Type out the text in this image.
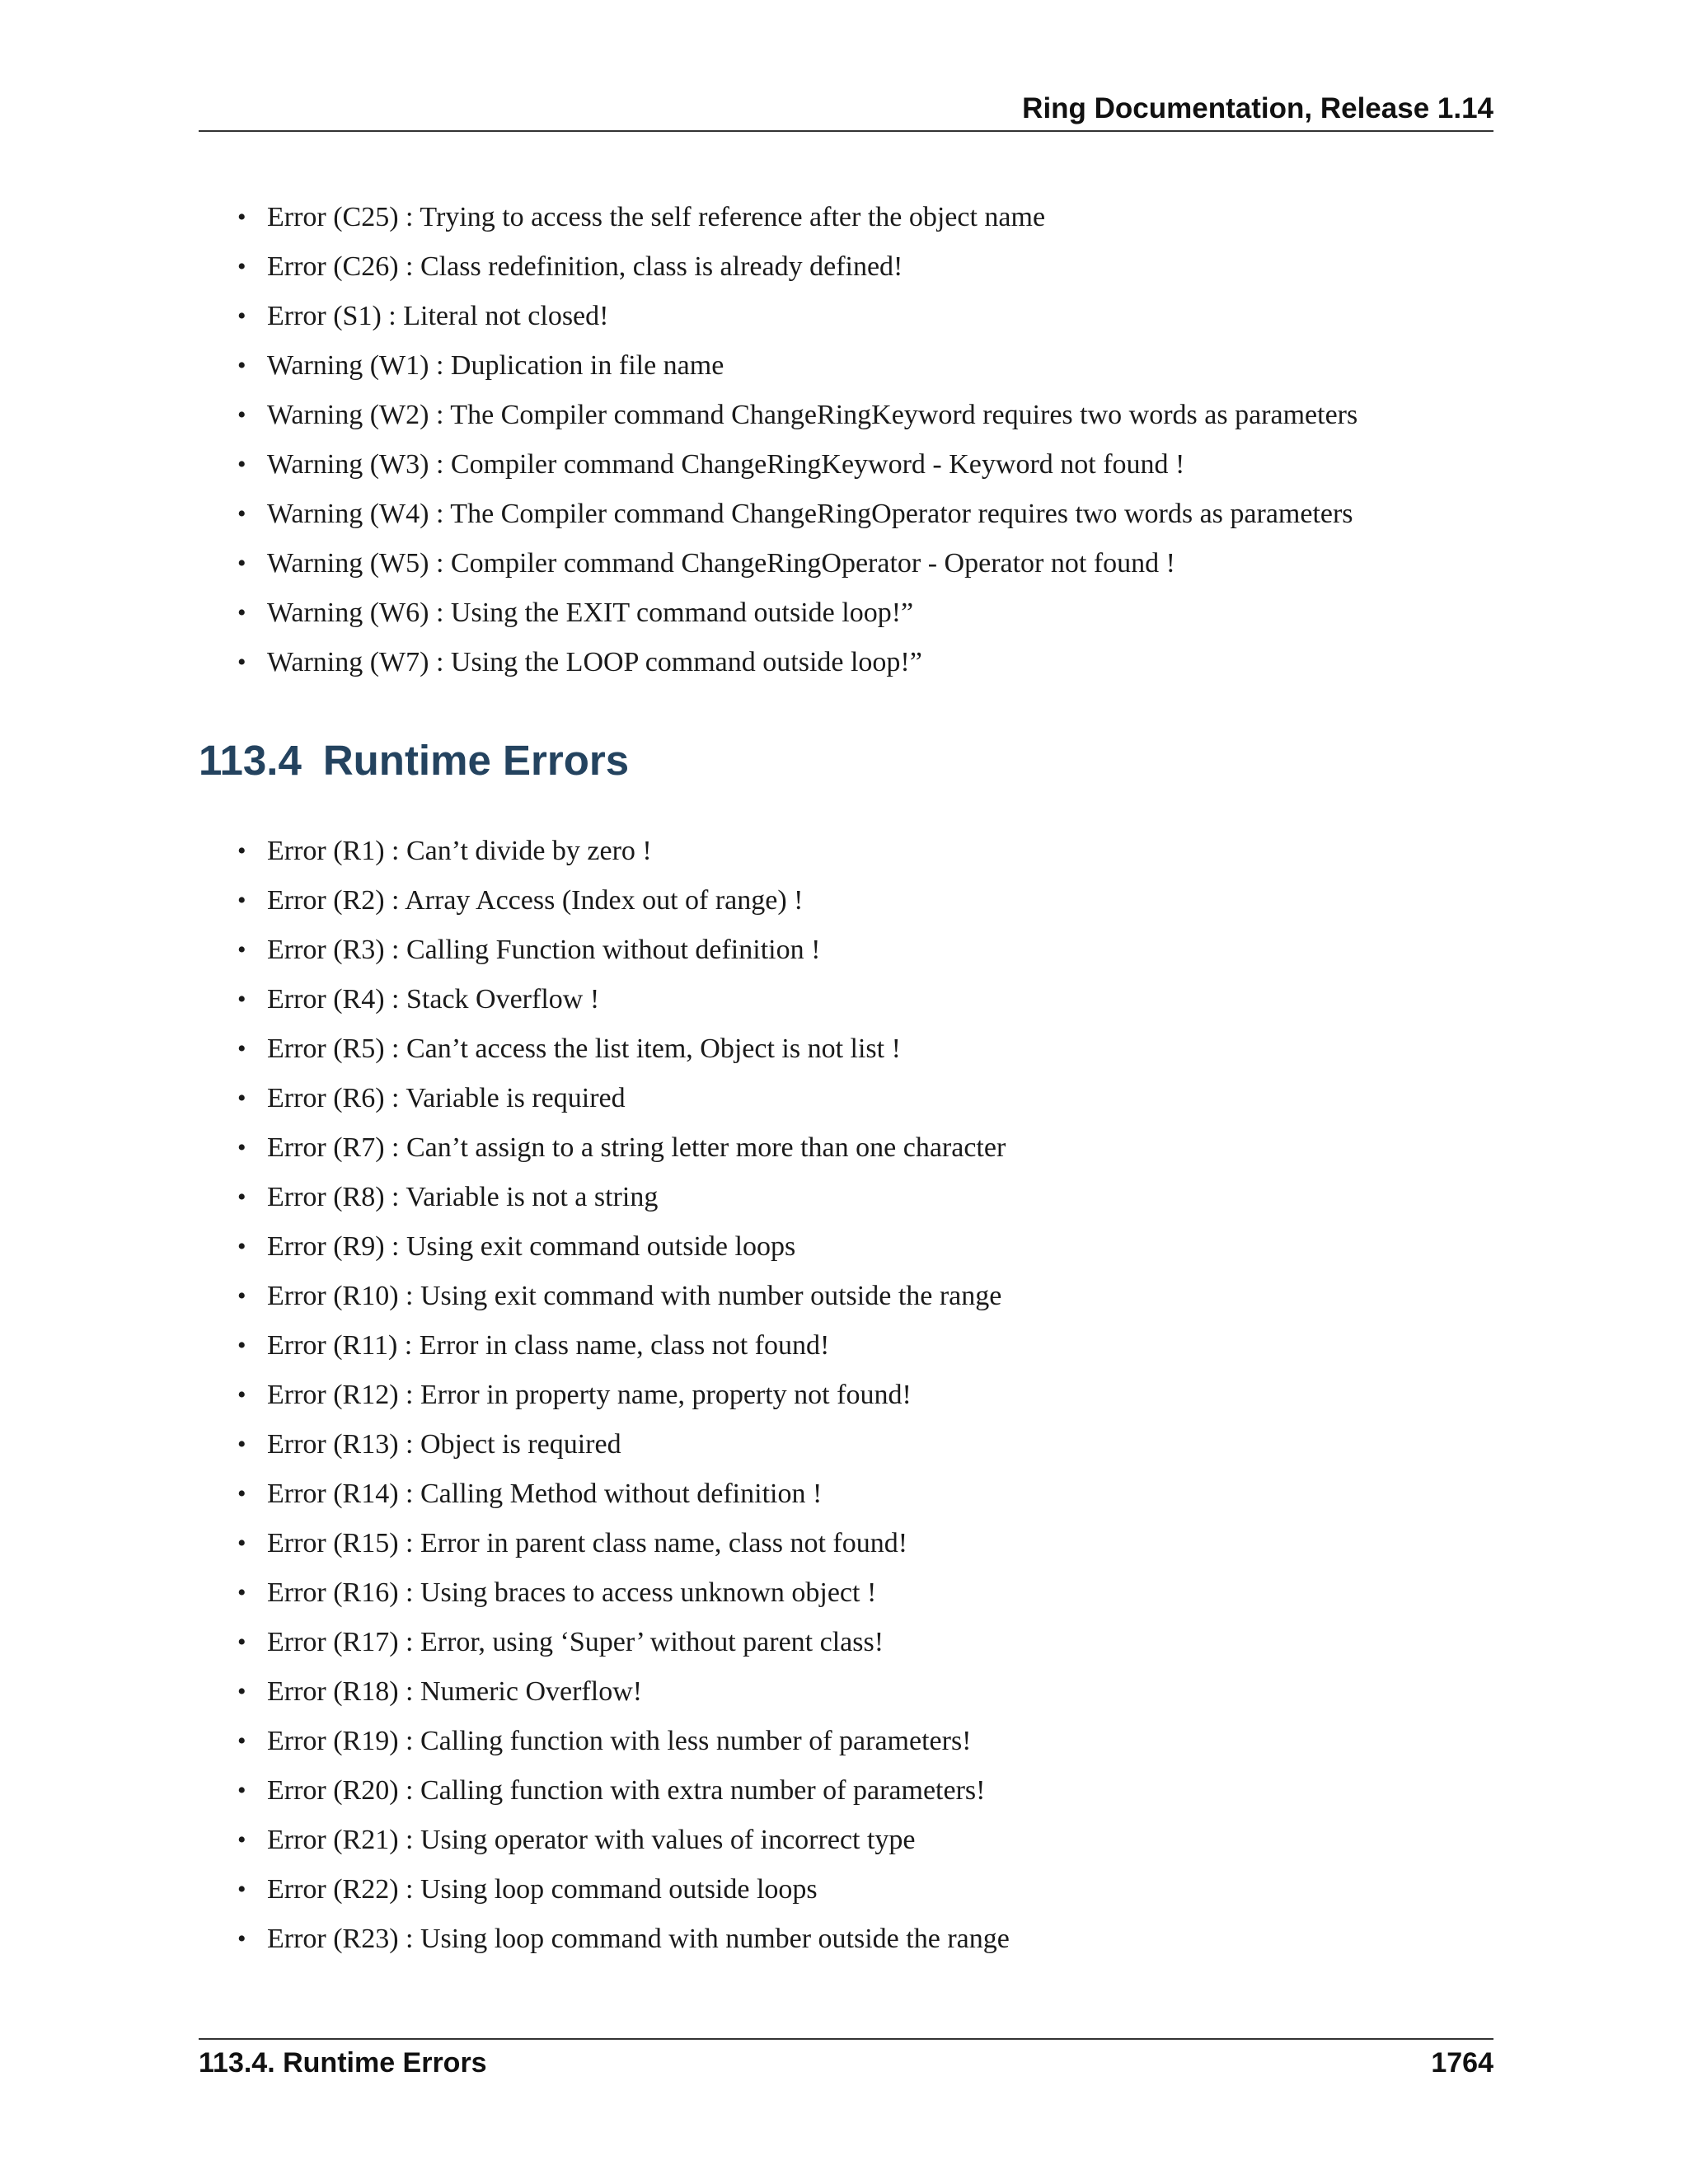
Ring Documentation, Release 1.14
• Error (C25) : Trying to access the self reference after the object name
• Error (C26) : Class redefinition, class is already defined!
• Error (S1) : Literal not closed!
• Warning (W1) : Duplication in file name
• Warning (W2) : The Compiler command ChangeRingKeyword requires two words as parameters
• Warning (W3) : Compiler command ChangeRingKeyword - Keyword not found !
• Warning (W4) : The Compiler command ChangeRingOperator requires two words as parameters
• Warning (W5) : Compiler command ChangeRingOperator - Operator not found !
• Warning (W6) : Using the EXIT command outside loop!”
• Warning (W7) : Using the LOOP command outside loop!”
113.4 Runtime Errors
• Error (R1) : Can’t divide by zero !
• Error (R2) : Array Access (Index out of range) !
• Error (R3) : Calling Function without definition !
• Error (R4) : Stack Overflow !
• Error (R5) : Can’t access the list item, Object is not list !
• Error (R6) : Variable is required
• Error (R7) : Can’t assign to a string letter more than one character
• Error (R8) : Variable is not a string
• Error (R9) : Using exit command outside loops
• Error (R10) : Using exit command with number outside the range
• Error (R11) : Error in class name, class not found!
• Error (R12) : Error in property name, property not found!
• Error (R13) : Object is required
• Error (R14) : Calling Method without definition !
• Error (R15) : Error in parent class name, class not found!
• Error (R16) : Using braces to access unknown object !
• Error (R17) : Error, using ‘Super’ without parent class!
• Error (R18) : Numeric Overflow!
• Error (R19) : Calling function with less number of parameters!
• Error (R20) : Calling function with extra number of parameters!
• Error (R21) : Using operator with values of incorrect type
• Error (R22) : Using loop command outside loops
• Error (R23) : Using loop command with number outside the range
113.4. Runtime Errors	1764
